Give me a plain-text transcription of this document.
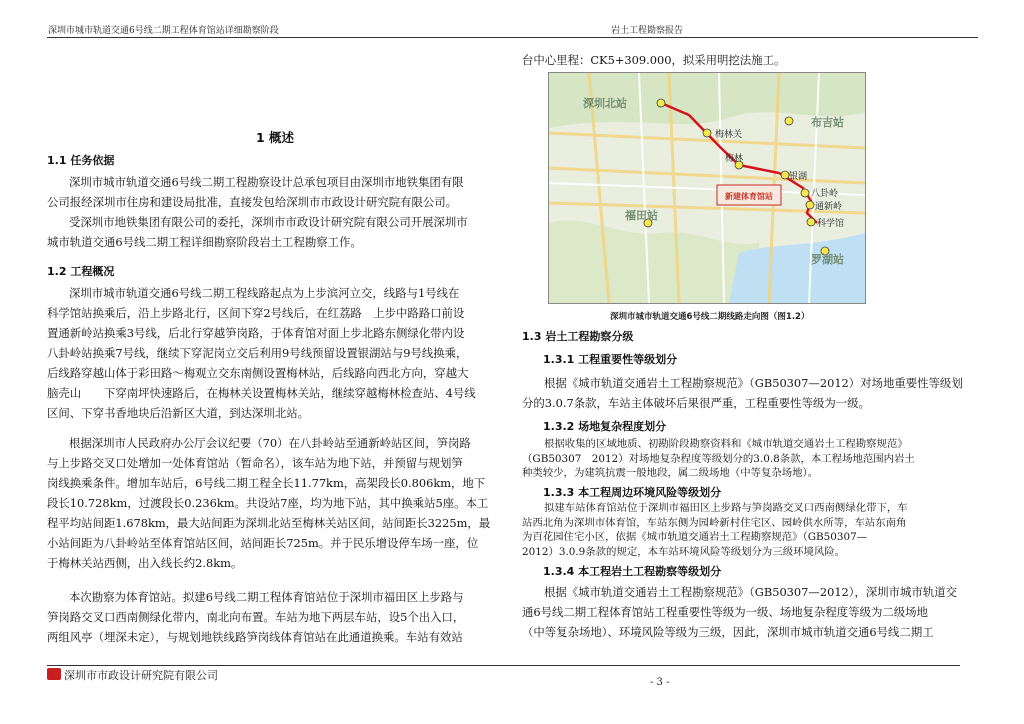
深圳市城市轨道交通6号线二期工程体育馆站详细勘察阶段	岩土工程勘察报告
1 概述
1.1 任务依据
深圳市城市轨道交通6号线二期工程勘察设计总承包项目由深圳市地铁集团有限
公司报经深圳市住房和建设局批准，直接发包给深圳市市政设计研究院有限公司。
受深圳市地铁集团有限公司的委托，深圳市市政设计研究院有限公司开展深圳市
城市轨道交通6号线二期工程详细勘察阶段岩土工程勘察工作。
1.2 工程概况
深圳市城市轨道交通6号线二期工程线路起点为上步滨河立交，线路与1号线在
科学馆站换乘后，沿上步路北行，区间下穿2号线后，在红荔路　上步中路路口前设
置通新岭站换乘3号线，后北行穿越笋岗路，于体育馆对面上步北路东侧绿化带内设
八卦岭站换乘7号线，继续下穿泥岗立交后利用9号线预留设置银湖站与9号线换乘，
后线路穿越山体于彩田路～梅观立交东南侧设置梅林站，后线路向西北方向，穿越大
脑壳山　　下穿南坪快速路后，在梅林关设置梅林关站，继续穿越梅林检查站、4号线
区间、下穿书香地块后沿新区大道，到达深圳北站。
根据深圳市人民政府办公厅会议纪要（70）在八卦岭站至通新岭站区间，笋岗路
与上步路交叉口处增加一处体育馆站（暂命名），该车站为地下站，并预留与规划笋
岗线换乘条件。增加车站后，6号线二期工程全长11.77km，高架段长0.806km，地下
段长10.728km，过渡段长0.236km。共设站7座，均为地下站，其中换乘站5座。本工
程平均站间距1.678km，最大站间距为深圳北站至梅林关站区间，站间距长3225m，最
小站间距为八卦岭站至体育馆站区间，站间距长725m。并于民乐增设停车场一座，位
于梅林关站西侧，出入线长约2.8km。
本次勘察为体育馆站。拟建6号线二期工程体育馆站位于深圳市福田区上步路与
笋岗路交叉口西南侧绿化带内，南北向布置。车站为地下两层车站，设5个出入口，
两组风亭（埋深未定），与规划地铁线路笋岗线体育馆站在此通道换乘。车站有效站
台中心里程：CK5+309.000，拟采用明挖法施工。
新建体育馆站
深圳北站
梅林关
梅林
布吉站
银湖
八卦岭
通新岭
科学馆
福田站
罗湖站
深圳市城市轨道交通6号线二期线路走向图（图1.2）
1.3 岩土工程勘察分级
1.3.1 工程重要性等级划分
根据《城市轨道交通岩土工程勘察规范》（GB50307—2012）对场地重要性等级划
分的3.0.7条款，车站主体破坏后果很严重，工程重要性等级为一级。
1.3.2 场地复杂程度划分
根据收集的区域地质、初勘阶段勘察资料和《城市轨道交通岩土工程勘察规范》
（GB50307　2012）对场地复杂程度等级划分的3.0.8条款，本工程场地范围内岩土
种类较少，为建筑抗震一般地段，属二级场地（中等复杂场地）。
1.3.3 本工程周边环境风险等级划分
拟建车站体育馆站位于深圳市福田区上步路与笋岗路交叉口西南侧绿化带下，车
站西北角为深圳市体育馆，车站东侧为园岭新村住宅区、园岭供水所等，车站东南角
为百花园住宅小区，依据《城市轨道交通岩土工程勘察规范》（GB50307—
2012）3.0.9条款的规定，本车站环境风险等级划分为三级环境风险。
1.3.4 本工程岩土工程勘察等级划分
根据《城市轨道交通岩土工程勘察规范》（GB50307—2012），深圳市城市轨道交
通6号线二期工程体育馆站工程重要性等级为一级、场地复杂程度等级为二级场地
（中等复杂场地）、环境风险等级为三级，因此，深圳市城市轨道交通6号线二期工
深圳市市政设计研究院有限公司
- 3 -
